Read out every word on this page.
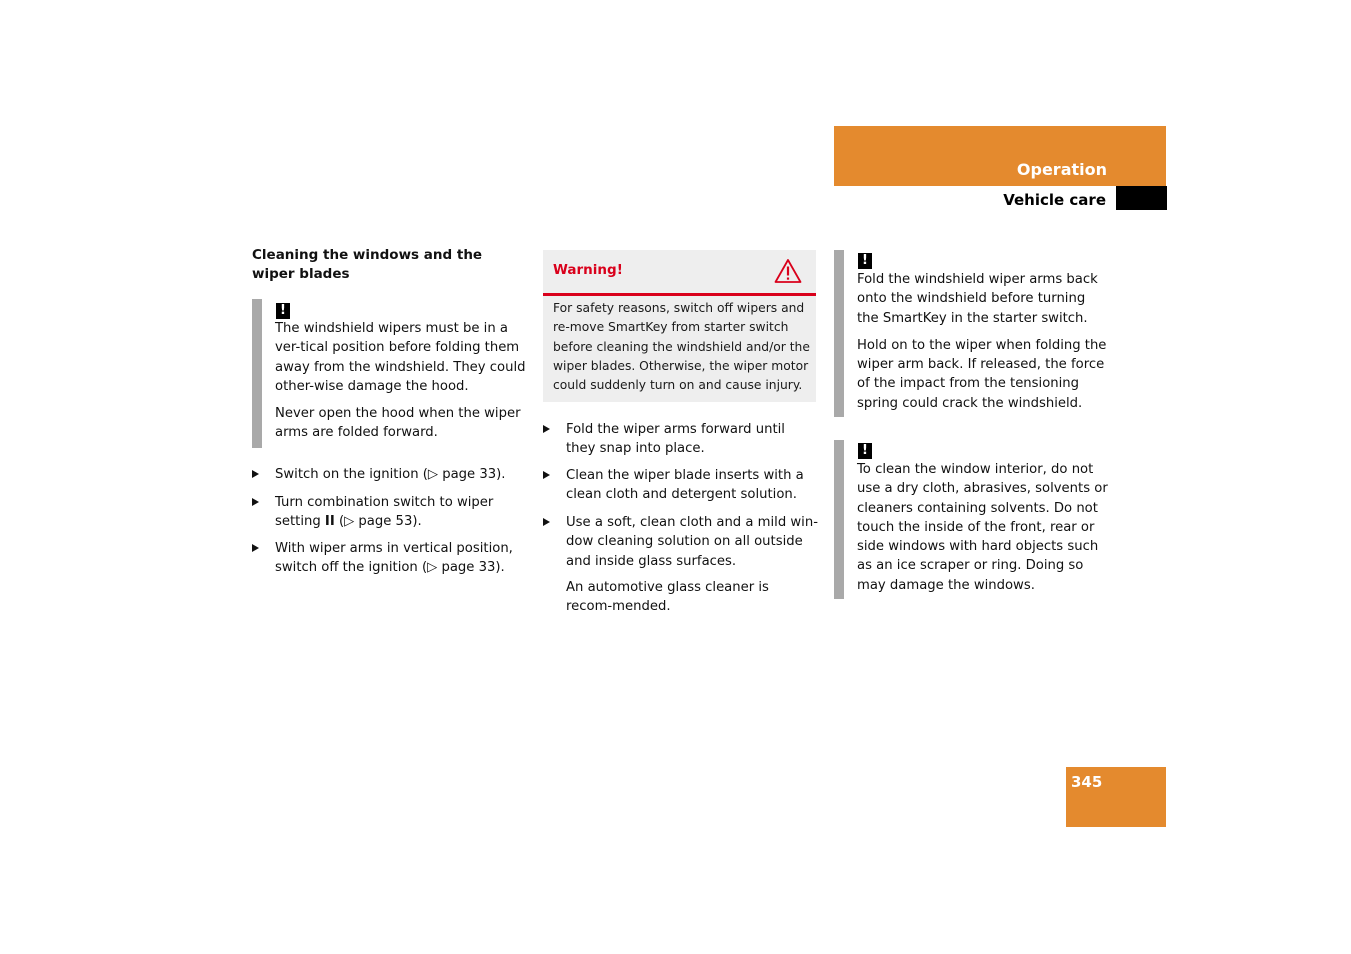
Operation
Vehicle care
Cleaning the windows and the wiper blades
!

The windshield wipers must be in a ver-tical position before folding them away from the windshield. They could other-wise damage the hood.

Never open the hood when the wiper arms are folded forward.

Switch on the ignition (▷ page 33).
Turn combination switch to wiper setting II (▷ page 53).
With wiper arms in vertical position, switch off the ignition (▷ page 33).
Warning!
For safety reasons, switch off wipers and re-move SmartKey from starter switch before cleaning the windshield and/or the wiper blades. Otherwise, the wiper motor could suddenly turn on and cause injury.
Fold the wiper arms forward until they snap into place.
Clean the wiper blade inserts with a clean cloth and detergent solution.
Use a soft, clean cloth and a mild win-dow cleaning solution on all outside and inside glass surfaces.
An automotive glass cleaner is recom-mended.
!

Fold the windshield wiper arms back onto the windshield before turning the SmartKey in the starter switch.

Hold on to the wiper when folding the wiper arm back. If released, the force of the impact from the tensioning spring could crack the windshield.

!

To clean the window interior, do not use a dry cloth, abrasives, solvents or cleaners containing solvents. Do not touch the inside of the front, rear or side windows with hard objects such as an ice scraper or ring. Doing so may damage the windows.

345
